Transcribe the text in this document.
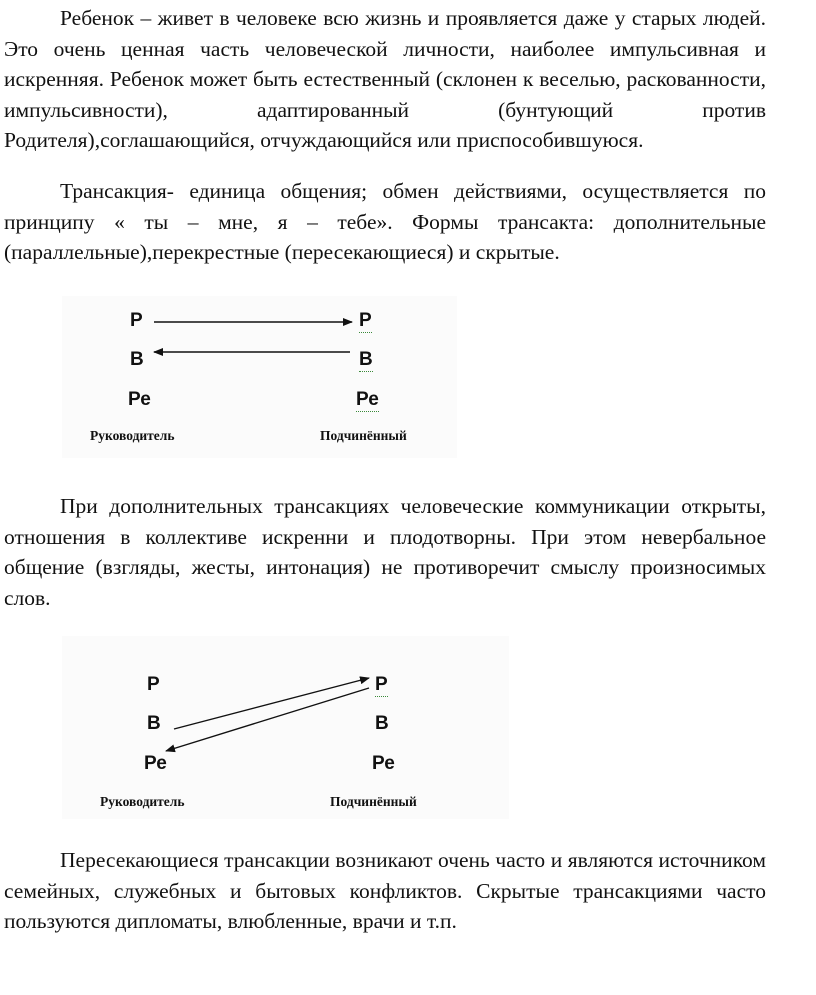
Ребенок – живет в человеке всю жизнь и проявляется даже у старых людей. Это очень ценная часть человеческой личности, наиболее импульсивная и искренняя. Ребенок может быть естественный (склонен к веселью, раскованности, импульсивности), адаптированный (бунтующий против Родителя),соглашающийся, отчуждающийся или приспособившуюся.

Трансакция- единица общения; обмен действиями, осуществляется по принципу « ты – мне, я – тебе». Формы трансакта: дополнительные (параллельные),перекрестные (пересекающиеся) и скрытые.

Р
В
Ре
Р
В
Ре
Руководитель	Подчинённый

При дополнительных трансакциях человеческие коммуникации открыты, отношения в коллективе искренни и плодотворны. При этом невербальное общение (взгляды, жесты, интонация) не противоречит смыслу произносимых слов.

Р
В
Ре
Р
В
Ре
Руководитель	Подчинённый

Пересекающиеся трансакции возникают очень часто и являются источником семейных, служебных и бытовых конфликтов. Скрытые трансакциями часто пользуются дипломаты, влюбленные, врачи и т.п.
